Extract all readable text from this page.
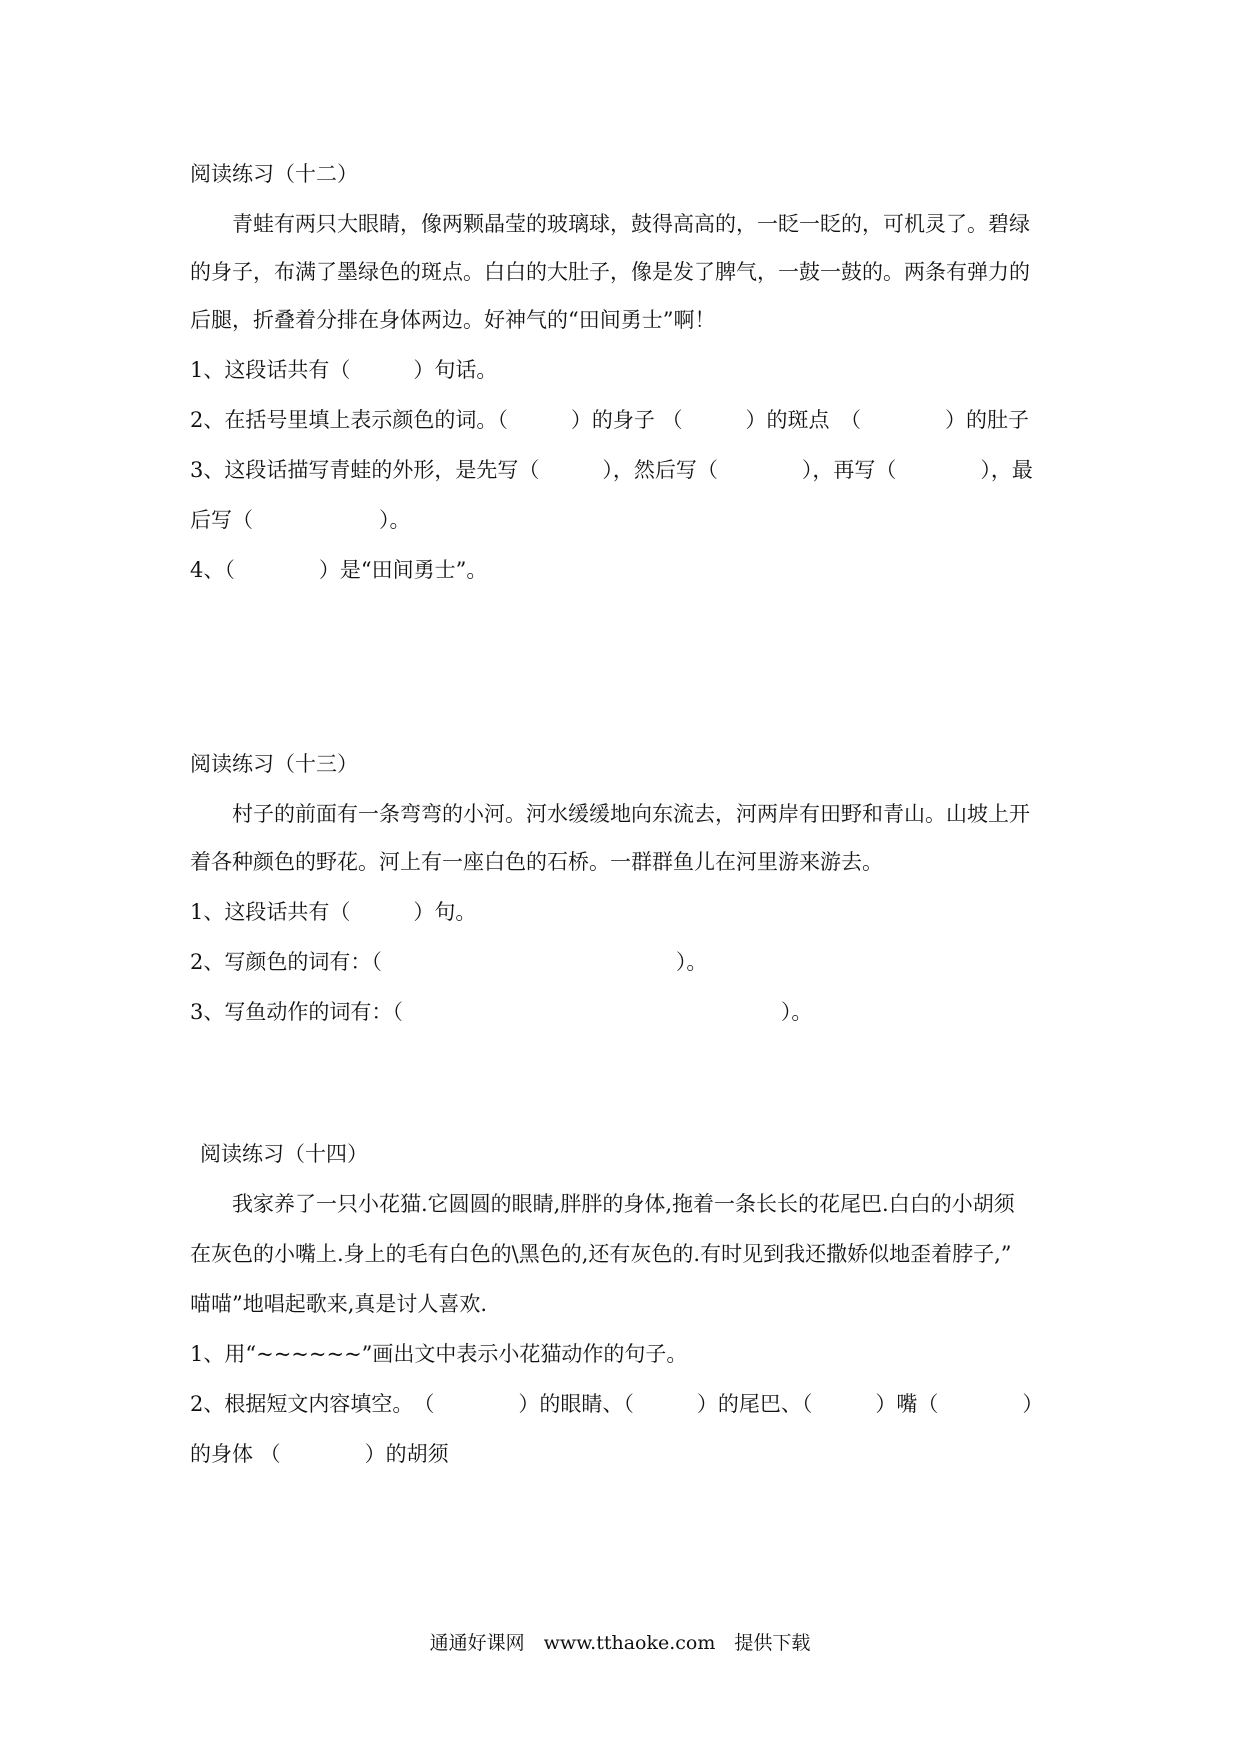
阅读练习（十二）
　　青蛙有两只大眼睛，像两颗晶莹的玻璃球，鼓得高高的，一眨一眨的，可机灵了。碧绿
的身子，布满了墨绿色的斑点。白白的大肚子，像是发了脾气，一鼓一鼓的。两条有弹力的
后腿，折叠着分排在身体两边。好神气的“田间勇士”啊！
1、这段话共有（　　　）句话。
2、在括号里填上表示颜色的词。（　　　）的身子 （　　　）的斑点　（　　　　）的肚子
3、这段话描写青蛙的外形，是先写（　　　），然后写（　　　　），再写（　　　　），最
后写（　　　　　　）。
4、（　　　　）是“田间勇士”。
阅读练习（十三）
　　村子的前面有一条弯弯的小河。河水缓缓地向东流去，河两岸有田野和青山。山坡上开
着各种颜色的野花。河上有一座白色的石桥。一群群鱼儿在河里游来游去。
1、这段话共有（　　　）句。
2、写颜色的词有：（　　　　　　　　　　　　　　）。
3、写鱼动作的词有：（　　　　　　　　　　　　　　　　　　）。
阅读练习（十四）
　　我家养了一只小花猫.它圆圆的眼睛,胖胖的身体,拖着一条长长的花尾巴.白白的小胡须
在灰色的小嘴上.身上的毛有白色的\黑色的,还有灰色的.有时见到我还撒娇似地歪着脖子,”
喵喵”地唱起歌来,真是讨人喜欢.
1、用“~~~~~~”画出文中表示小花猫动作的句子。
2、根据短文内容填空。　（　　　　）的眼睛、（　　　）的尾巴、（　　　）嘴（　　　　）
的身体 （　　　　）的胡须
通通好课网　www.tthaoke.com　提供下载
